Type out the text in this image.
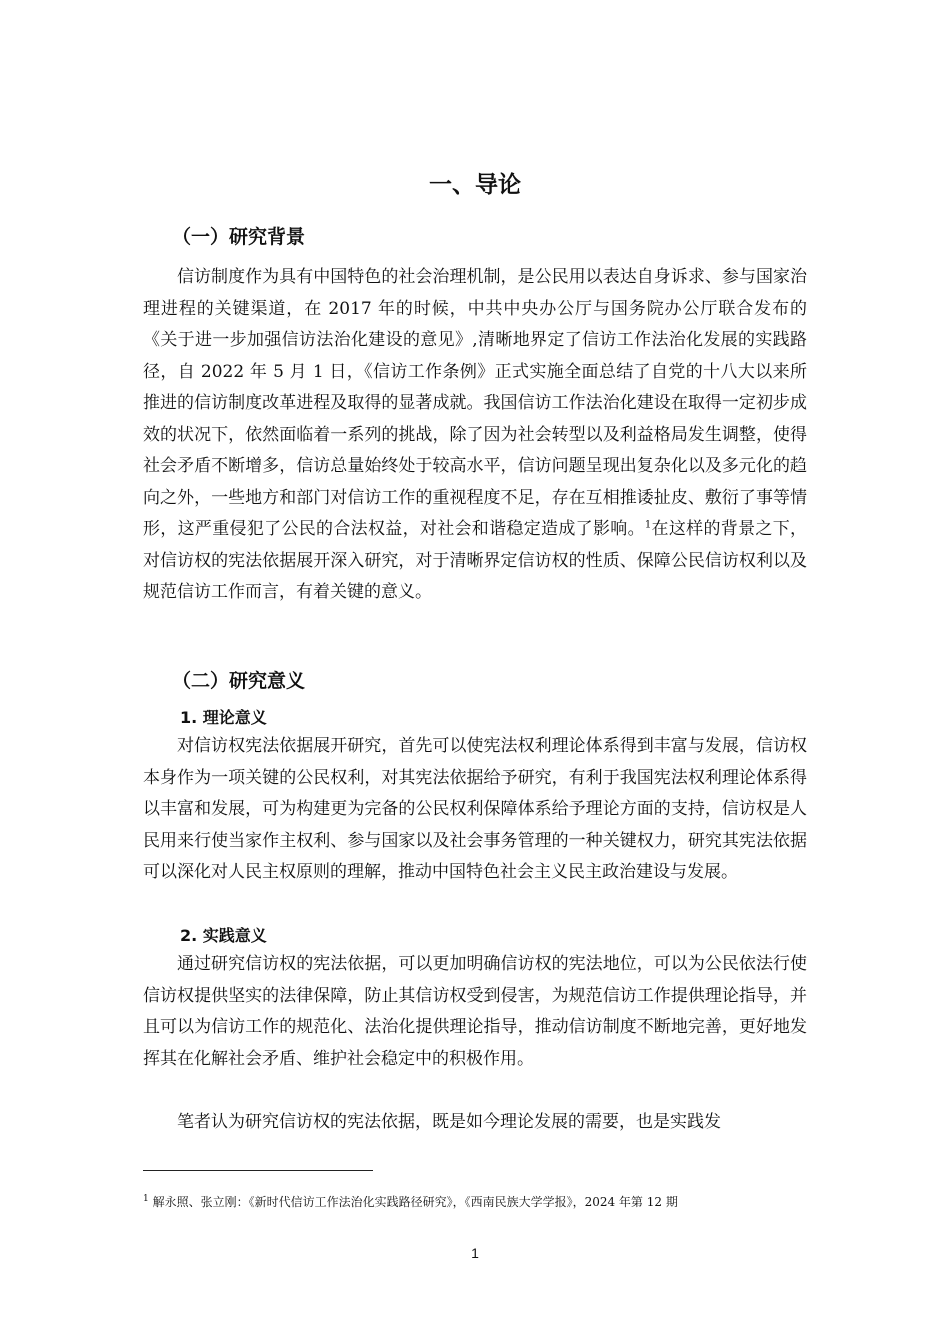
一、导论
（一）研究背景

信访制度作为具有中国特色的社会治理机制，是公民用以表达自身诉求、参与国家治理进程的关键渠道，在 2017 年的时候，中共中央办公厅与国务院办公厅联合发布的《关于进一步加强信访法治化建设的意见》,清晰地界定了信访工作法治化发展的实践路径，自 2022 年 5 月 1 日，《信访工作条例》正式实施全面总结了自党的十八大以来所推进的信访制度改革进程及取得的显著成就。我国信访工作法治化建设在取得一定初步成效的状况下，依然面临着一系列的挑战，除了因为社会转型以及利益格局发生调整，使得社会矛盾不断增多，信访总量始终处于较高水平，信访问题呈现出复杂化以及多元化的趋向之外，一些地方和部门对信访工作的重视程度不足，存在互相推诿扯皮、敷衍了事等情形，这严重侵犯了公民的合法权益，对社会和谐稳定造成了影响。$^1$在这样的背景之下，对信访权的宪法依据展开深入研究，对于清晰界定信访权的性质、保障公民信访权利以及规范信访工作而言，有着关键的意义。

（二）研究意义
1. 理论意义

对信访权宪法依据展开研究，首先可以使宪法权利理论体系得到丰富与发展，信访权本身作为一项关键的公民权利，对其宪法依据给予研究，有利于我国宪法权利理论体系得以丰富和发展，可为构建更为完备的公民权利保障体系给予理论方面的支持，信访权是人民用来行使当家作主权利、参与国家以及社会事务管理的一种关键权力，研究其宪法依据可以深化对人民主权原则的理解，推动中国特色社会主义民主政治建设与发展。

2. 实践意义

通过研究信访权的宪法依据，可以更加明确信访权的宪法地位，可以为公民依法行使信访权提供坚实的法律保障，防止其信访权受到侵害，为规范信访工作提供理论指导，并且可以为信访工作的规范化、法治化提供理论指导，推动信访制度不断地完善，更好地发挥其在化解社会矛盾、维护社会稳定中的积极作用。

笔者认为研究信访权的宪法依据，既是如今理论发展的需要，也是实践发

$^1$ 解永照、张立刚：《新时代信访工作法治化实践路径研究》，《西南民族大学学报》，2024 年第 12 期

1
